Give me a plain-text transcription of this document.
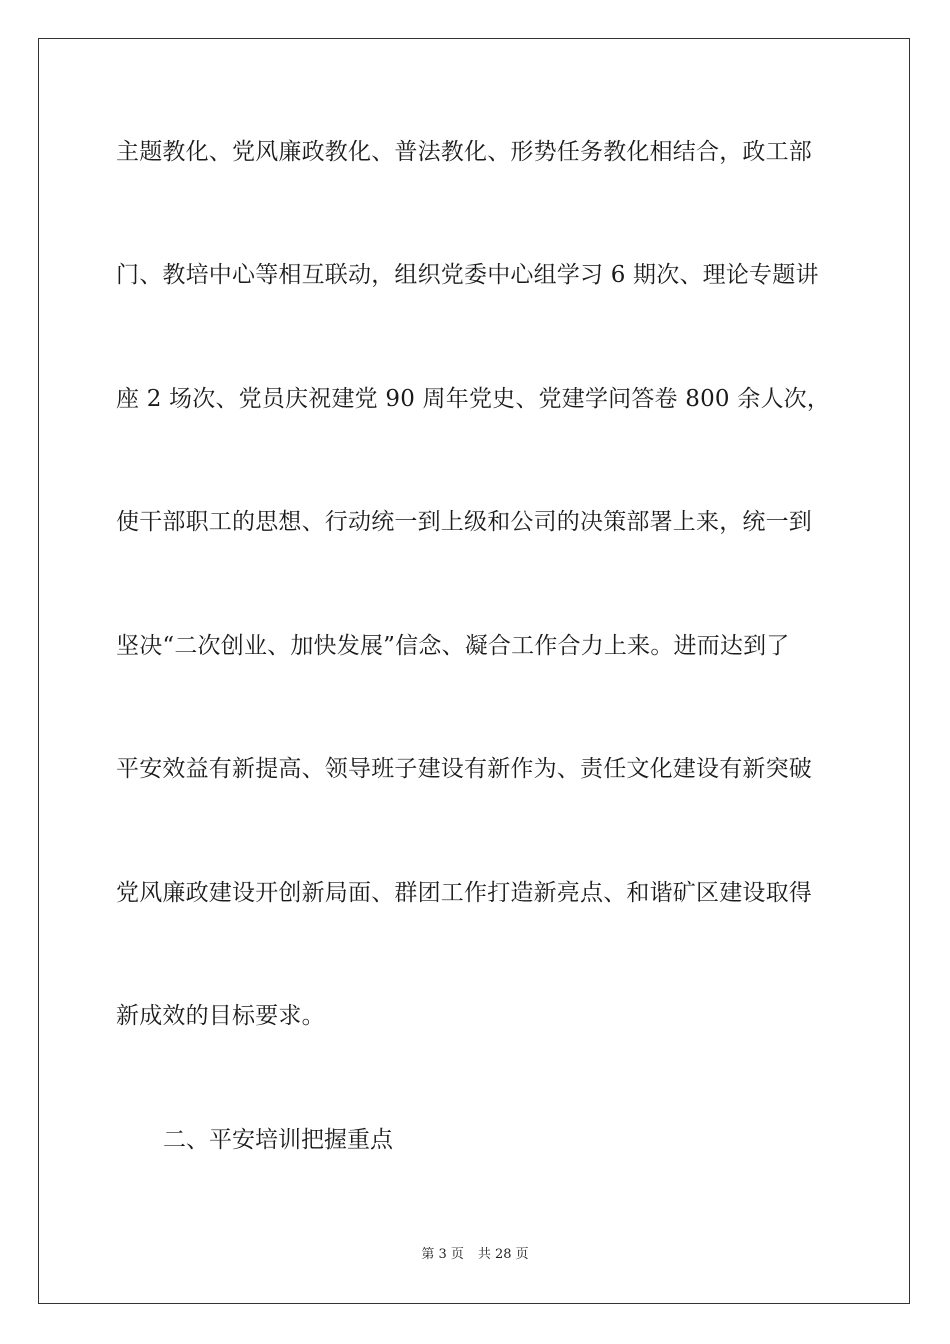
主题教化、党风廉政教化、普法教化、形势任务教化相结合，政工部
门、教培中心等相互联动，组织党委中心组学习 6 期次、理论专题讲
座 2 场次、党员庆祝建党 90 周年党史、党建学问答卷 800 余人次，
使干部职工的思想、行动统一到上级和公司的决策部署上来，统一到
坚决“二次创业、加快发展”信念、凝合工作合力上来。进而达到了
平安效益有新提高、领导班子建设有新作为、责任文化建设有新突破
党风廉政建设开创新局面、群团工作打造新亮点、和谐矿区建设取得
新成效的目标要求。
二、平安培训把握重点
第 3 页 共 28 页
